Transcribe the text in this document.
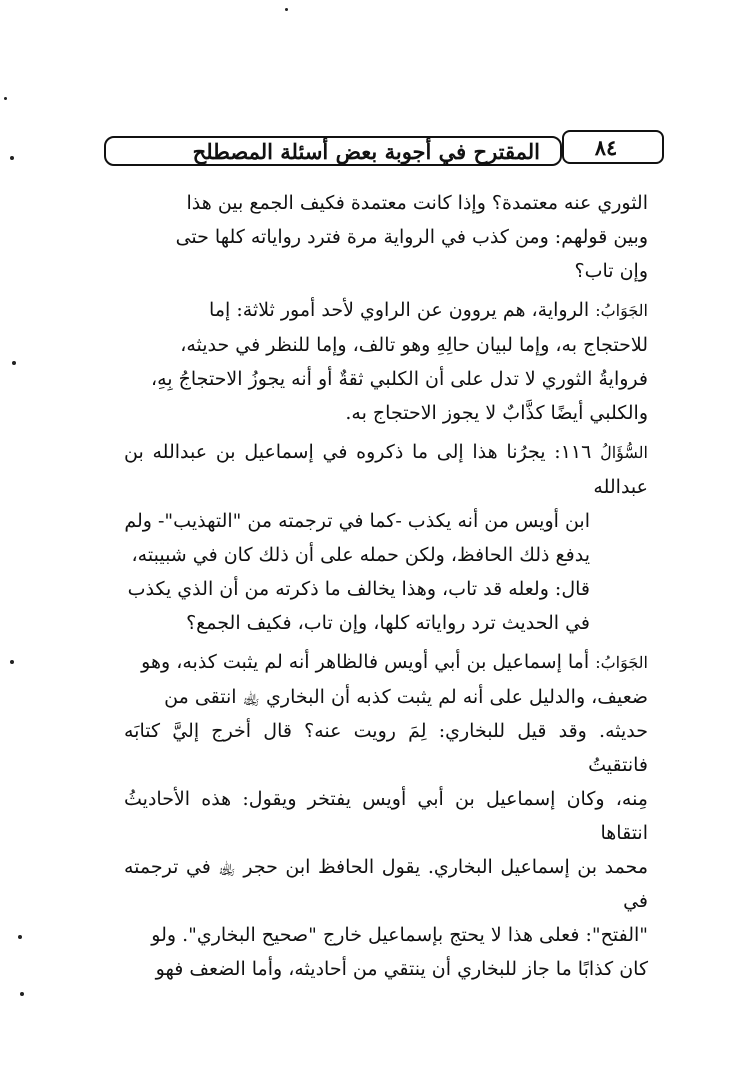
المقترح في أجوبة بعض أسئلة المصطلح	٨٤

الثوري عنه معتمدة؟ وإذا كانت معتمدة فكيف الجمع بين هذا
وبين قولهم: ومن كذب في الرواية مرة فترد رواياته كلها حتى
وإن تاب؟

الجَوَابُ: الرواية، هم يروون عن الراوي لأحد أمور ثلاثة: إما
للاحتجاج به، وإما لبيان حالِهِ وهو تالف، وإما للنظر في حديثه،
فروايةُ الثوري لا تدل على أن الكلبي ثقةٌ أو أنه يجوزُ الاحتجاجُ بِهِ،
والكلبي أيضًا كذَّابٌ لا يجوز الاحتجاج به.

السُّؤَالُ ١١٦: يجرُنا هذا إلى ما ذكروه في إسماعيل بن عبدالله بن عبدالله
ابن أويس من أنه يكذب -كما في ترجمته من "التهذيب"- ولم
يدفع ذلك الحافظ، ولكن حمله على أن ذلك كان في شبيبته،
قال: ولعله قد تاب، وهذا يخالف ما ذكرته من أن الذي يكذب
في الحديث ترد رواياته كلها، وإن تاب، فكيف الجمع؟

الجَوَابُ: أما إسماعيل بن أبي أويس فالظاهر أنه لم يثبت كذبه، وهو
ضعيف، والدليل على أنه لم يثبت كذبه أن البخاري ﵀ انتقى من
حديثه. وقد قيل للبخاري: لِمَ رويت عنه؟ قال أخرج إليَّ كتابَه فانتقيتُ
مِنه، وكان إسماعيل بن أبي أويس يفتخر ويقول: هذه الأحاديثُ انتقاها
محمد بن إسماعيل البخاري. يقول الحافظ ابن حجر ﵀ في ترجمته في
"الفتح": فعلى هذا لا يحتج بإسماعيل خارج "صحيح البخاري". ولو
كان كذابًا ما جاز للبخاري أن ينتقي من أحاديثه، وأما الضعف فهو
